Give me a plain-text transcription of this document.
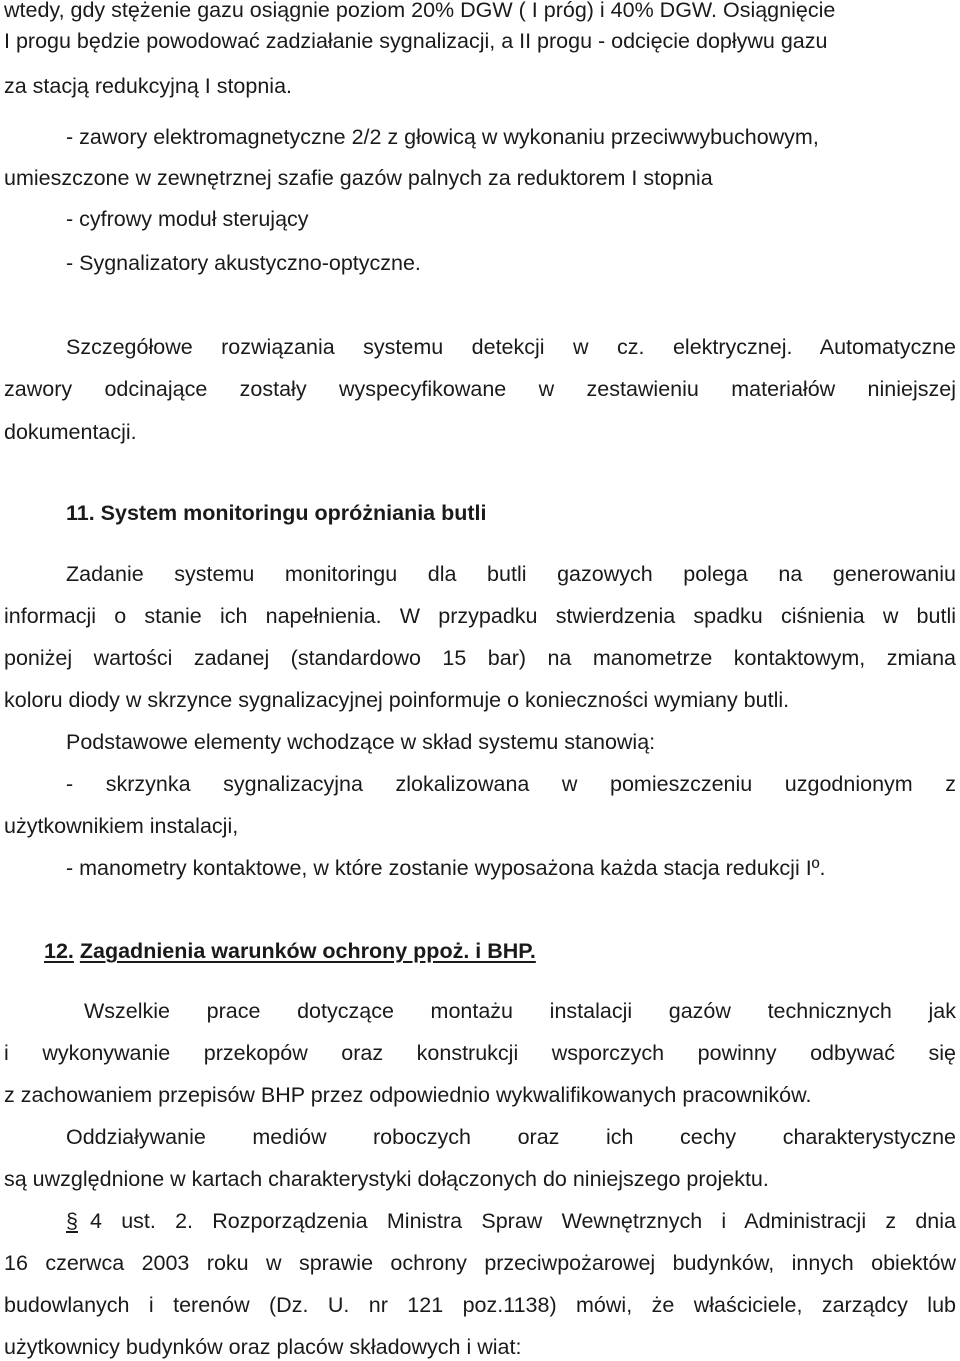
wtedy, gdy stężenie gazu osiągnie poziom 20% DGW ( I próg) i 40% DGW. Osiągnięcie
I progu będzie powodować zadziałanie sygnalizacji, a II progu - odcięcie dopływu gazu
za stacją redukcyjną I stopnia.
- zawory elektromagnetyczne 2/2 z głowicą w wykonaniu przeciwwybuchowym,
umieszczone w zewnętrznej szafie gazów palnych za reduktorem I stopnia
- cyfrowy moduł sterujący
- Sygnalizatory akustyczno-optyczne.
Szczegółowe rozwiązania systemu detekcji w cz. elektrycznej. Automatyczne
zawory odcinające zostały wyspecyfikowane w zestawieniu materiałów niniejszej
dokumentacji.
11. System monitoringu opróżniania butli
Zadanie systemu monitoringu dla butli gazowych polega na generowaniu
informacji o stanie ich napełnienia. W przypadku stwierdzenia spadku ciśnienia w butli
poniżej wartości zadanej (standardowo 15 bar) na manometrze kontaktowym, zmiana
koloru diody w skrzynce sygnalizacyjnej poinformuje o konieczności wymiany butli.
Podstawowe elementy wchodzące w skład systemu stanowią:
- skrzynka sygnalizacyjna zlokalizowana w pomieszczeniu uzgodnionym z
użytkownikiem instalacji,
- manometry kontaktowe, w które zostanie wyposażona każda stacja redukcji Iº.
12. Zagadnienia warunków ochrony ppoż. i BHP.
Wszelkie prace dotyczące montażu instalacji gazów technicznych jak
i wykonywanie przekopów oraz konstrukcji wsporczych powinny odbywać się
z zachowaniem przepisów BHP przez odpowiednio wykwalifikowanych pracowników.
Oddziaływanie mediów roboczych oraz ich cechy charakterystyczne
są uwzględnione w kartach charakterystyki dołączonych do niniejszego projektu.
§ 4 ust. 2. Rozporządzenia Ministra Spraw Wewnętrznych i Administracji z dnia
16 czerwca 2003 roku w sprawie ochrony przeciwpożarowej budynków, innych obiektów
budowlanych i terenów (Dz. U. nr 121 poz.1138) mówi, że właściciele, zarządcy lub
użytkownicy budynków oraz placów składowych i wiat:
